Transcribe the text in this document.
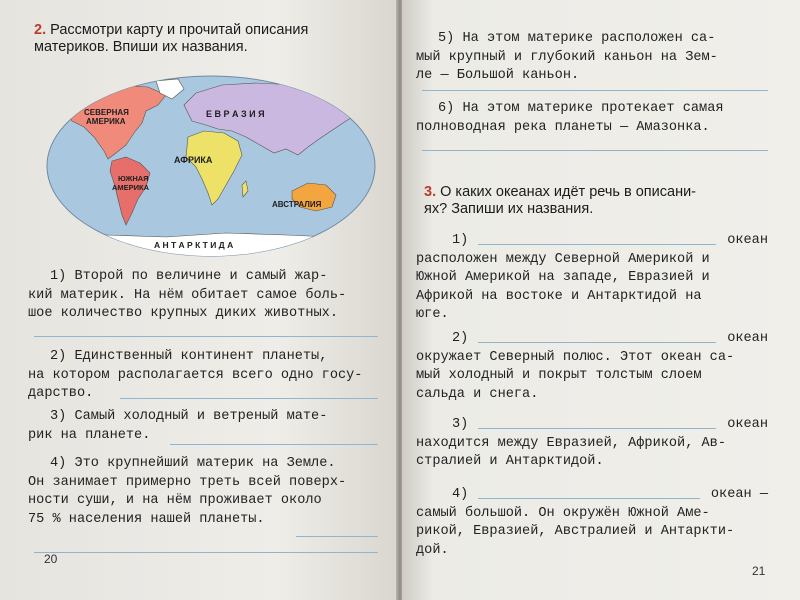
2. Рассмотри карту и прочитай описания
материков. Впиши их названия.
СЕВЕРНАЯ
АМЕРИКА
Е В Р А З И Я
АФРИКА
ЮЖНАЯ
АМЕРИКА
АВСТРАЛИЯ
А Н Т А Р К Т И Д А
1) Второй по величине и самый жар-
кий материк. На нём обитает самое боль-
шое количество крупных диких животных.
2) Единственный континент планеты,
на котором располагается всего одно госу-
дарство.
3) Самый холодный и ветреный мате-
рик на планете.
4) Это крупнейший материк на Земле.
Он занимает примерно треть всей поверх-
ности суши, и на нём проживает около
75 % населения нашей планеты.
20
5) На этом материке расположен са-
мый крупный и глубокий каньон на Зем-
ле — Большой каньон.
6) На этом материке протекает самая
полноводная река планеты — Амазонка.
3. О каких океанах идёт речь в описани-
ях? Запиши их названия.
1)	океан
расположен между Северной Америкой и
Южной Америкой на западе, Евразией и
Африкой на востоке и Антарктидой на
юге.
2)	океан
окружает Северный полюс. Этот океан са-
мый холодный и покрыт толстым слоем
сальда и снега.
3)	океан
находится между Евразией, Африкой, Ав-
стралией и Антарктидой.
4)	океан —
самый большой. Он окружён Южной Аме-
рикой, Евразией, Австралией и Антаркти-
дой.
21
